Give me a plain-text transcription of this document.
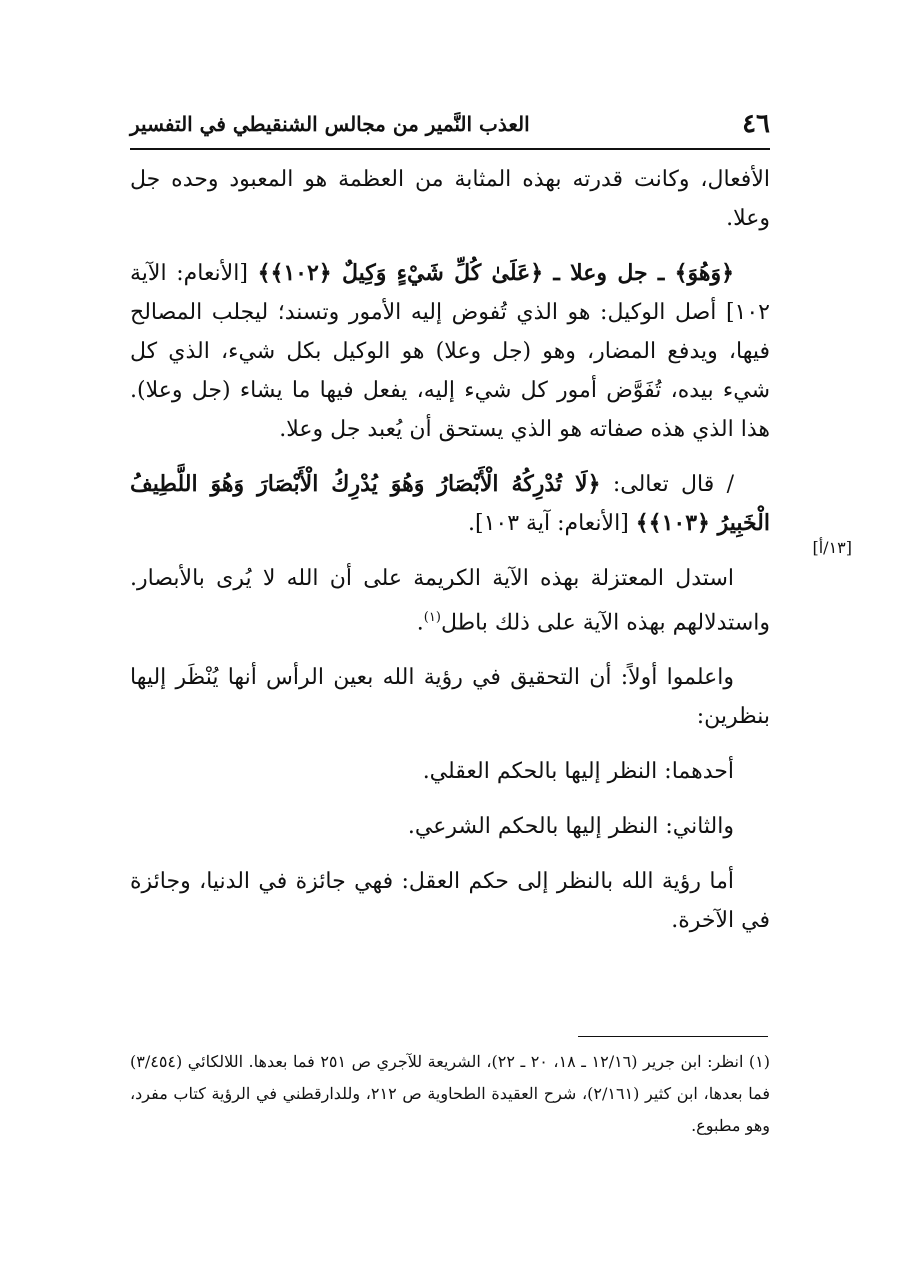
٤٦
العذب النَّمير من مجالس الشنقيطي في التفسير
[١٣/أ]

الأفعال، وكانت قدرته بهذه المثابة من العظمة هو المعبود وحده جل وعلا.

﴿وَهُوَ﴾ ـ جل وعلا ـ ﴿عَلَىٰ كُلِّ شَيْءٍ وَكِيلٌ ﴿١٠٢﴾﴾ [الأنعام: الآية ١٠٢] أصل الوكيل: هو الذي تُفوض إليه الأمور وتسند؛ ليجلب المصالح فيها، ويدفع المضار، وهو (جل وعلا) هو الوكيل بكل شيء، الذي كل شيء بيده، تُفَوَّض أمور كل شيء إليه، يفعل فيها ما يشاء (جل وعلا). هذا الذي هذه صفاته هو الذي يستحق أن يُعبد جل وعلا.

/ قال تعالى: ﴿لَا تُدْرِكُهُ الْأَبْصَارُ وَهُوَ يُدْرِكُ الْأَبْصَارَ وَهُوَ اللَّطِيفُ الْخَبِيرُ ﴿١٠٣﴾﴾ [الأنعام: آية ١٠٣].

استدل المعتزلة بهذه الآية الكريمة على أن الله لا يُرى بالأبصار. واستدلالهم بهذه الآية على ذلك باطل$^{(١)}$.

واعلموا أولاً: أن التحقيق في رؤية الله بعين الرأس أنها يُنْظَر إليها بنظرين:

أحدهما: النظر إليها بالحكم العقلي.

والثاني: النظر إليها بالحكم الشرعي.

أما رؤية الله بالنظر إلى حكم العقل: فهي جائزة في الدنيا، وجائزة في الآخرة.

(١) انظر: ابن جرير (١٢/١٦ ـ ١٨، ٢٠ ـ ٢٢)، الشريعة للآجري ص ٢٥١ فما بعدها. اللالكائي (٣/٤٥٤) فما بعدها، ابن كثير (٢/١٦١)، شرح العقيدة الطحاوية ص ٢١٢، وللدارقطني في الرؤية كتاب مفرد، وهو مطبوع.
